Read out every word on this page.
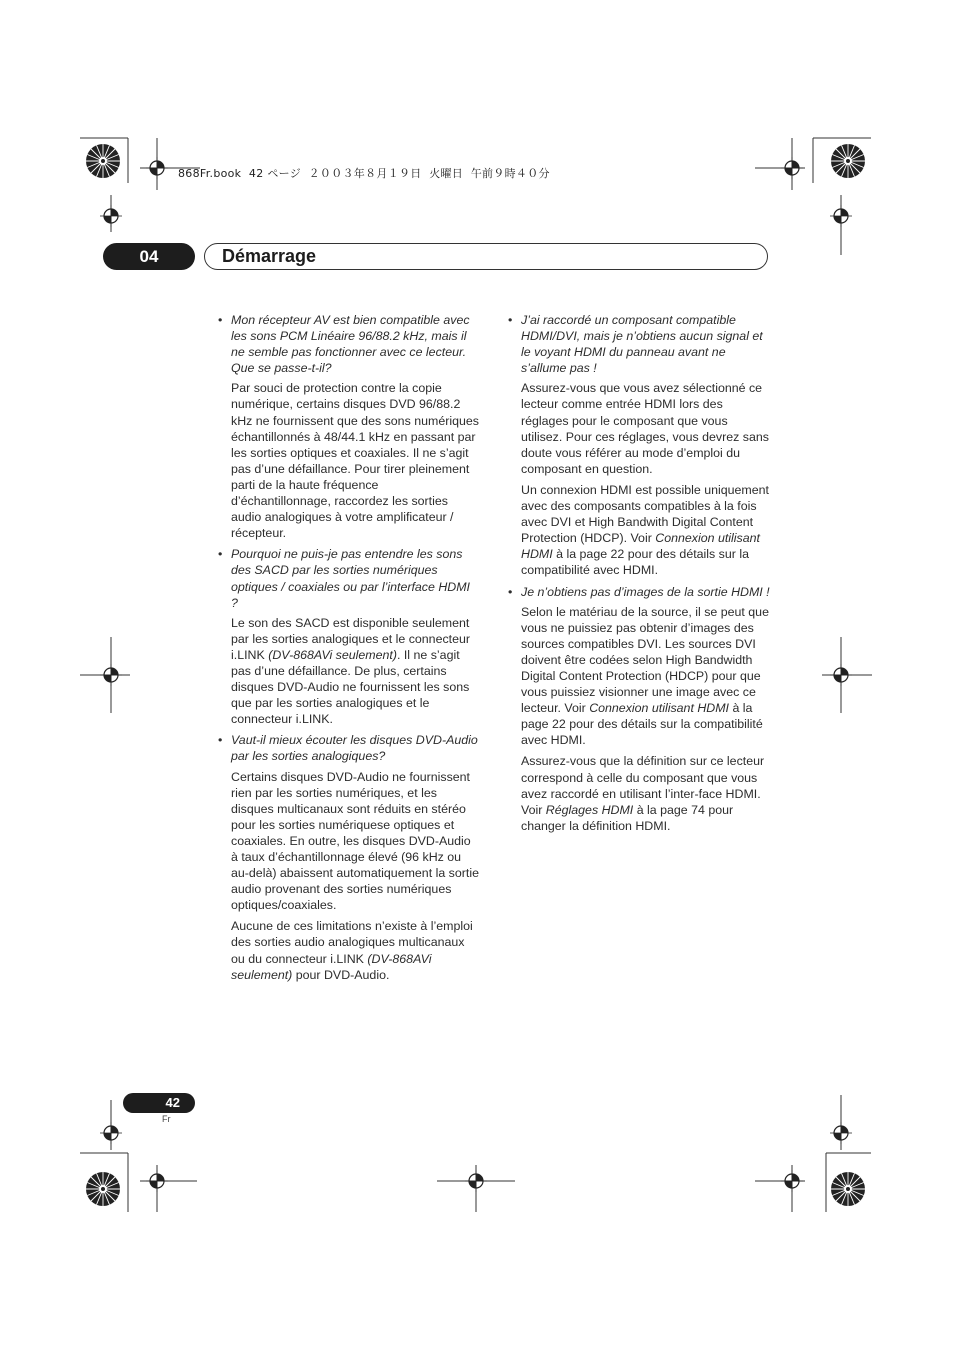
868Fr.book  42 ページ  ２００３年８月１９日  火曜日  午前９時４０分
04	Démarrage
• Mon récepteur AV est bien compatible avec les sons PCM Linéaire 96/88.2 kHz, mais il ne semble pas fonctionner avec ce lecteur. Que se passe-t-il?
Par souci de protection contre la copie numérique, certains disques DVD 96/88.2 kHz ne fournissent que des sons numériques échantillonnés à 48/44.1 kHz en passant par les sorties optiques et coaxiales. Il ne s’agit pas d’une défaillance. Pour tirer pleinement parti de la haute fréquence d’échantillonnage, raccordez les sorties audio analogiques à votre amplificateur / récepteur.
• Pourquoi ne puis-je pas entendre les sons des SACD par les sorties numériques optiques / coaxiales ou par l’interface HDMI ?
Le son des SACD est disponible seulement par les sorties analogiques et le connecteur i.LINK (DV-868AVi seulement). Il ne s’agit pas d’une défaillance. De plus, certains disques DVD-Audio ne fournissent les sons que par les sorties analogiques et le connecteur i.LINK.
• Vaut-il mieux écouter les disques DVD-Audio par les sorties analogiques?
Certains disques DVD-Audio ne fournissent rien par les sorties numériques, et les disques multicanaux sont réduits en stéréo pour les sorties numériquese optiques et coaxiales. En outre, les disques DVD-Audio à taux d’échantillonnage élevé (96 kHz ou au-delà) abaissent automatiquement la sortie audio provenant des sorties numériques optiques/coaxiales.
Aucune de ces limitations n’existe à l’emploi des sorties audio analogiques multicanaux ou du connecteur i.LINK (DV-868AVi seulement) pour DVD-Audio.
• J’ai raccordé un composant compatible HDMI/DVI, mais je n’obtiens aucun signal et le voyant HDMI du panneau avant ne s’allume pas !
Assurez-vous que vous avez sélectionné ce lecteur comme entrée HDMI lors des réglages pour le composant que vous utilisez. Pour ces réglages, vous devrez sans doute vous référer au mode d’emploi du composant en question.
Un connexion HDMI est possible uniquement avec des composants compatibles à la fois avec DVI et High Bandwith Digital Content Protection (HDCP). Voir Connexion utilisant HDMI à la page 22 pour des détails sur la compatibilité avec HDMI.
• Je n’obtiens pas d’images de la sortie HDMI !
Selon le matériau de la source, il se peut que vous ne puissiez pas obtenir d’images des sources compatibles DVI. Les sources DVI doivent être codées selon High Bandwidth Digital Content Protection (HDCP) pour que vous puissiez visionner une image avec ce lecteur. Voir Connexion utilisant HDMI à la page 22 pour des détails sur la compatibilité avec HDMI.
Assurez-vous que la définition sur ce lecteur correspond à celle du composant que vous avez raccordé en utilisant l’inter-face HDMI. Voir Réglages HDMI à la page 74 pour changer la définition HDMI.
42
Fr
